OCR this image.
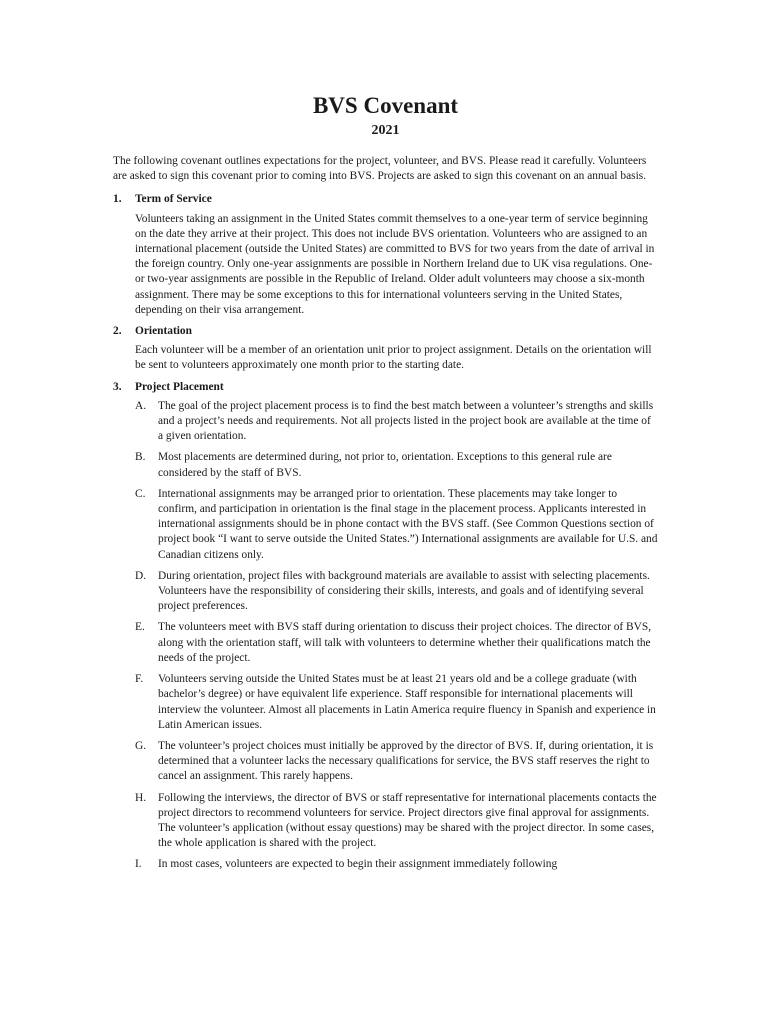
BVS Covenant
2021

The following covenant outlines expectations for the project, volunteer, and BVS. Please read it carefully. Volunteers are asked to sign this covenant prior to coming into BVS. Projects are asked to sign this covenant on an annual basis.

1.	Term of Service
Volunteers taking an assignment in the United States commit themselves to a one-year term of service beginning on the date they arrive at their project. This does not include BVS orientation. Volunteers who are assigned to an international placement (outside the United States) are committed to BVS for two years from the date of arrival in the foreign country. Only one-year assignments are possible in Northern Ireland due to UK visa regulations. One- or two-year assignments are possible in the Republic of Ireland. Older adult volunteers may choose a six-month assignment. There may be some exceptions to this for international volunteers serving in the United States, depending on their visa arrangement.
2.	Orientation
Each volunteer will be a member of an orientation unit prior to project assignment. Details on the orientation will be sent to volunteers approximately one month prior to the starting date.
3.	Project Placement
A.	The goal of the project placement process is to find the best match between a volunteer’s strengths and skills and a project’s needs and requirements. Not all projects listed in the project book are available at the time of a given orientation.
B.	Most placements are determined during, not prior to, orientation. Exceptions to this general rule are considered by the staff of BVS.
C.	International assignments may be arranged prior to orientation. These placements may take longer to confirm, and participation in orientation is the final stage in the placement process. Applicants interested in international assignments should be in phone contact with the BVS staff. (See Common Questions section of project book “I want to serve outside the United States.”) International assignments are available for U.S. and Canadian citizens only.
D.	During orientation, project files with background materials are available to assist with selecting placements. Volunteers have the responsibility of considering their skills, interests, and goals and of identifying several project preferences.
E.	The volunteers meet with BVS staff during orientation to discuss their project choices. The director of BVS, along with the orientation staff, will talk with volunteers to determine whether their qualifications match the needs of the project.
F.	Volunteers serving outside the United States must be at least 21 years old and be a college graduate (with bachelor’s degree) or have equivalent life experience. Staff responsible for international placements will interview the volunteer. Almost all placements in Latin America require fluency in Spanish and experience in Latin American issues.
G.	The volunteer’s project choices must initially be approved by the director of BVS. If, during orientation, it is determined that a volunteer lacks the necessary qualifications for service, the BVS staff reserves the right to cancel an assignment. This rarely happens.
H.	Following the interviews, the director of BVS or staff representative for international placements contacts the project directors to recommend volunteers for service. Project directors give final approval for assignments. The volunteer’s application (without essay questions) may be shared with the project director. In some cases, the whole application is shared with the project.
I.	In most cases, volunteers are expected to begin their assignment immediately following
